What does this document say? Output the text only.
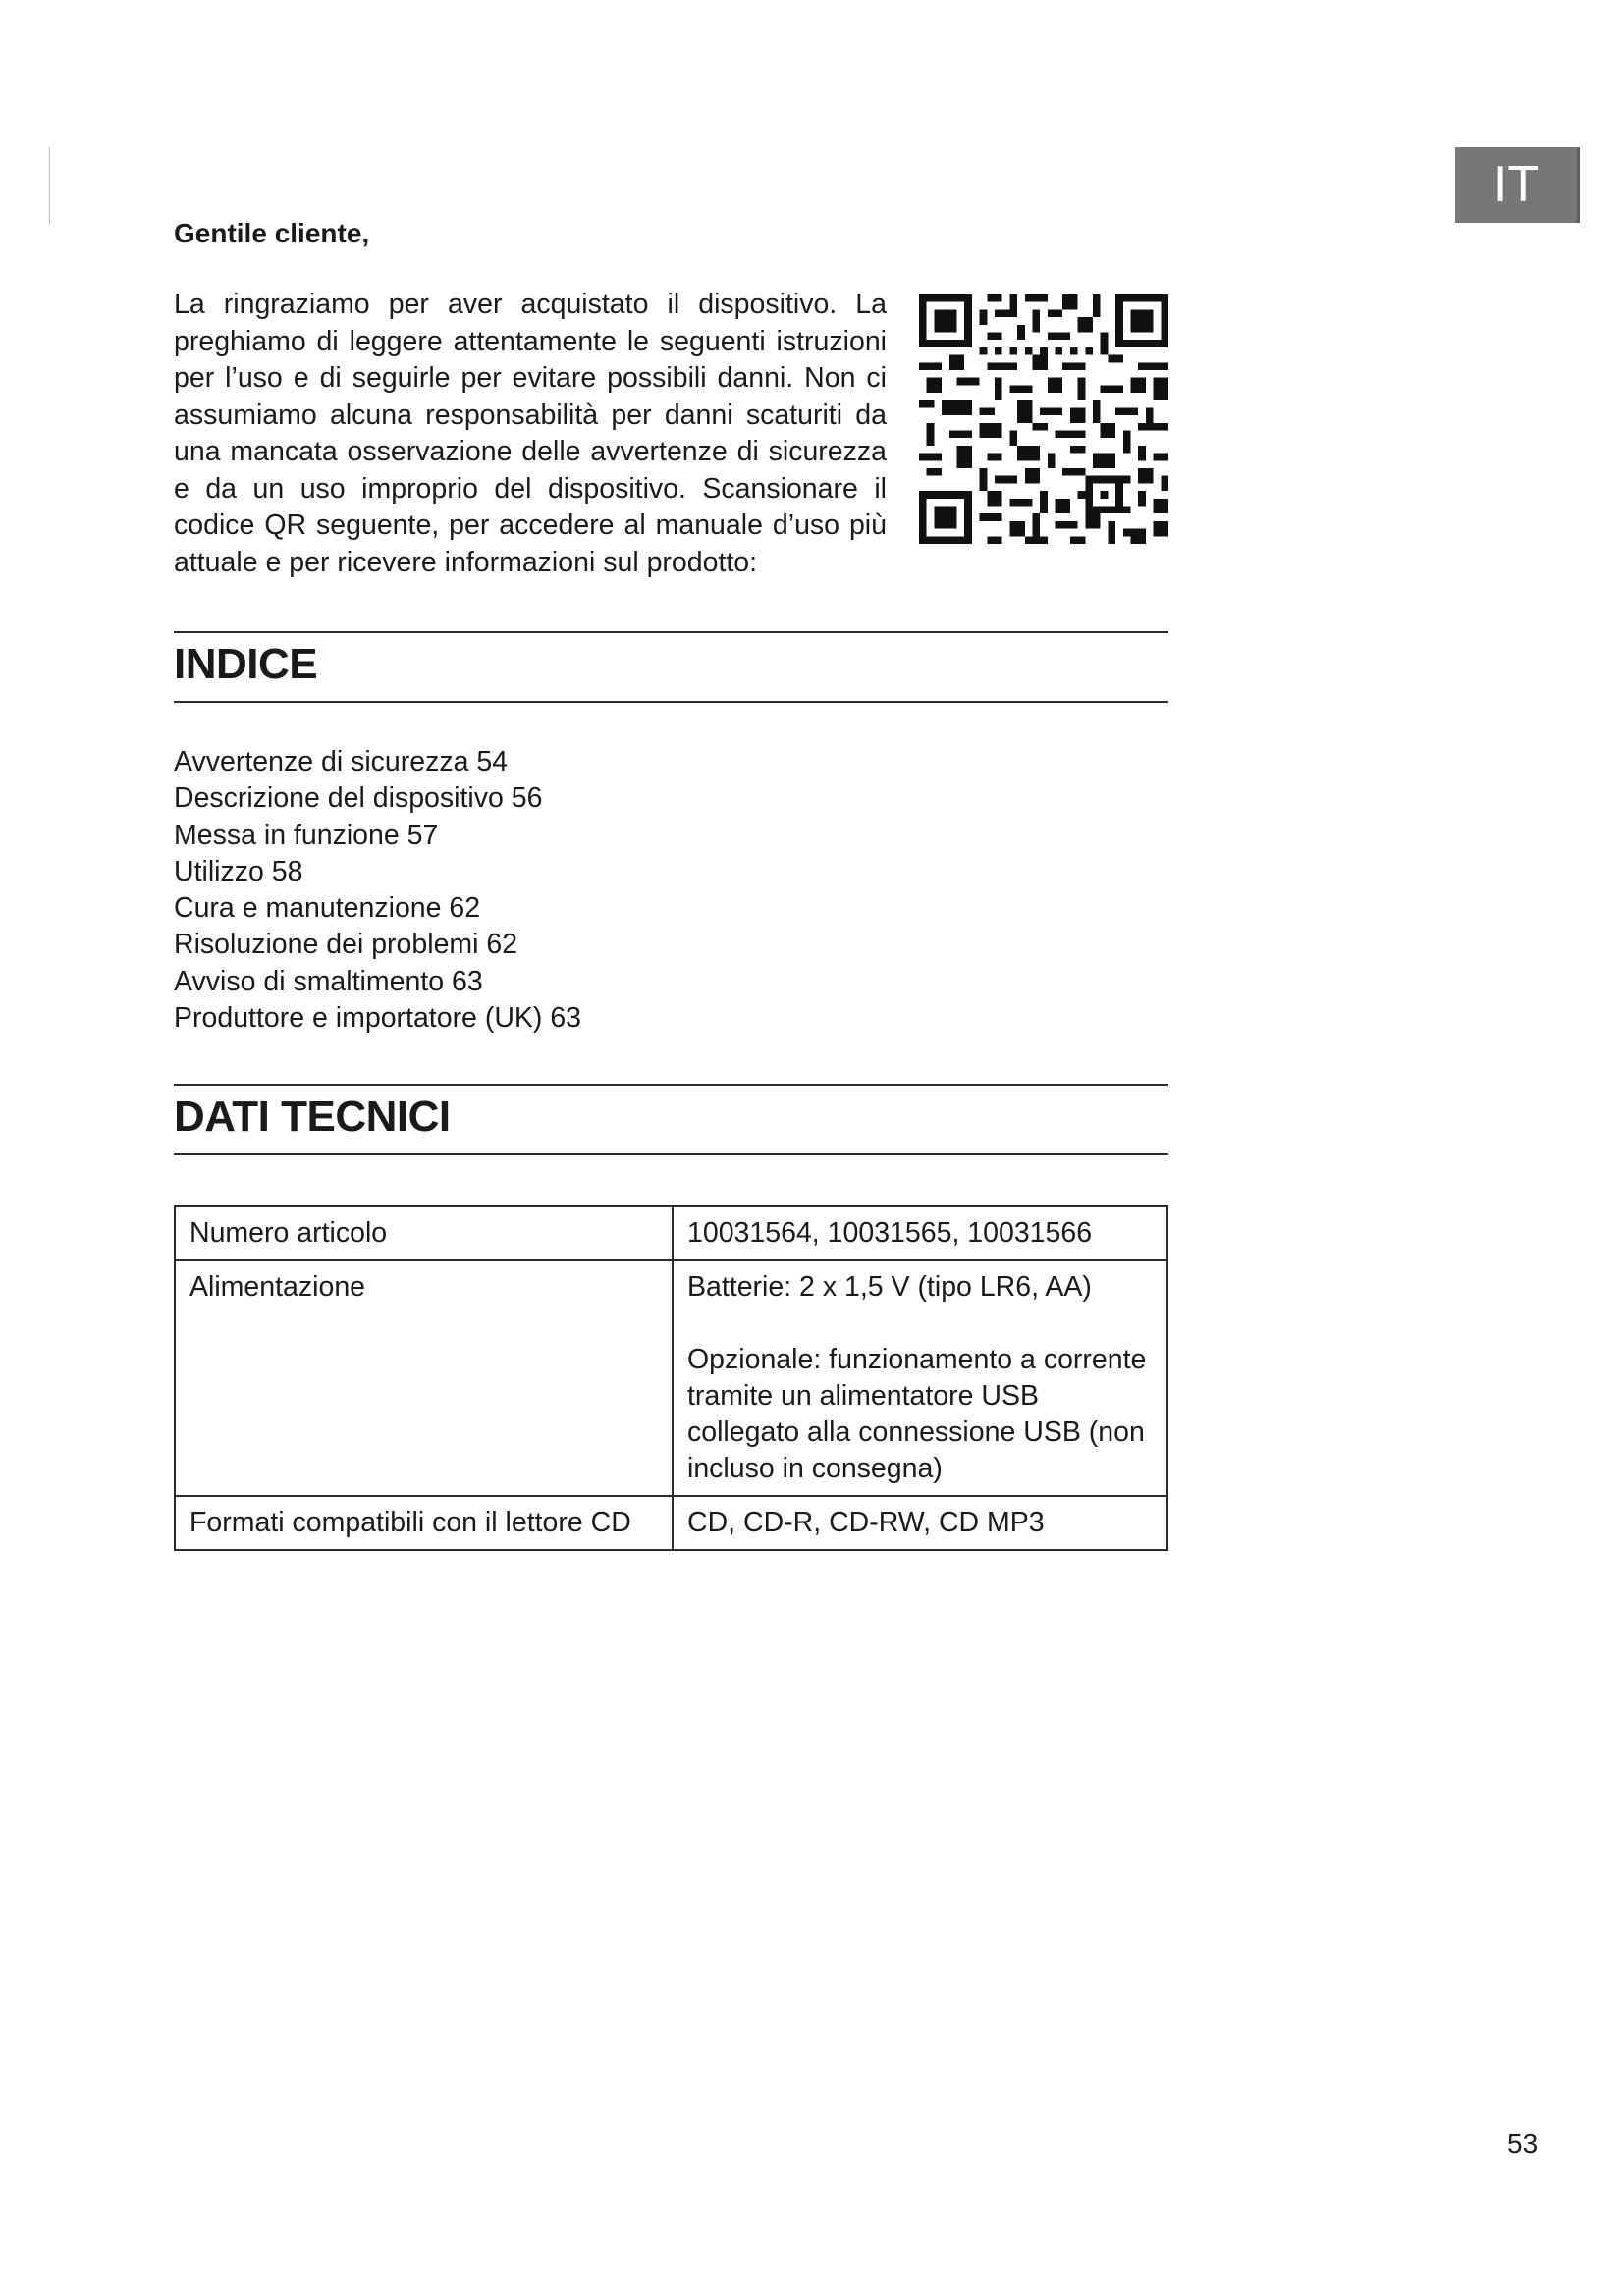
IT
Gentile cliente,

La ringraziamo per aver acquistato il dispositivo. La preghiamo di leggere attentamente le seguenti istruzioni per l’uso e di seguirle per evitare possibili danni. Non ci assumiamo alcuna responsabilità per danni scaturiti da una mancata osservazione delle avvertenze di sicurezza e da un uso improprio del dispositivo. Scansionare il codice QR seguente, per accedere al manuale d’uso più attuale e per ricevere informazioni sul prodotto:

INDICE
Avvertenze di sicurezza 54
Descrizione del dispositivo 56
Messa in funzione 57
Utilizzo 58
Cura e manutenzione 62
Risoluzione dei problemi 62
Avviso di smaltimento 63
Produttore e importatore (UK) 63
DATI TECNICI
Numero articolo	10031564, 10031565, 10031566
Alimentazione	Batterie: 2 x 1,5 V (tipo LR6, AA)
Opzionale: funzionamento a corrente tramite un alimentatore USB collegato alla connessione USB (non incluso in consegna)

Formati compatibili con il lettore CD	CD, CD-R, CD-RW, CD MP3
53
